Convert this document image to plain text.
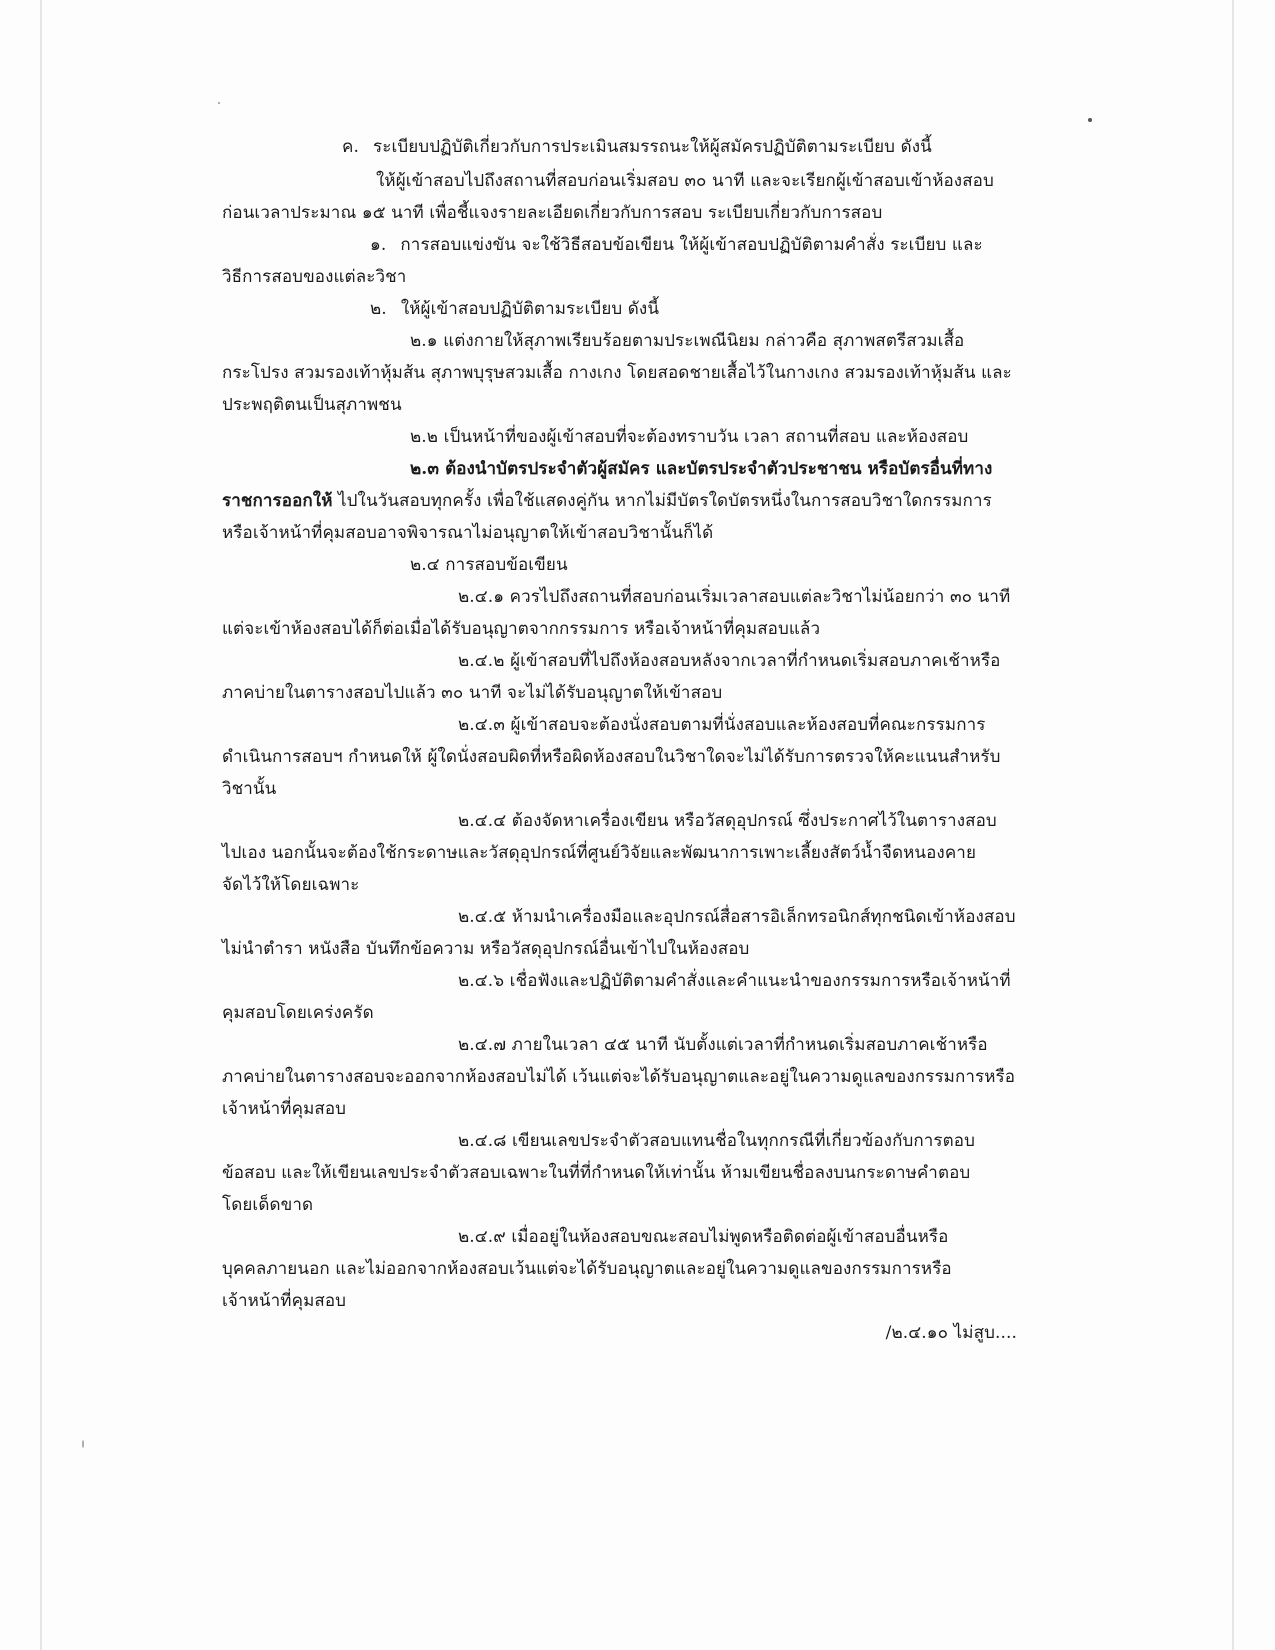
ค. ระเบียบปฏิบัติเกี่ยวกับการประเมินสมรรถนะให้ผู้สมัครปฏิบัติตามระเบียบ ดังนี้
ให้ผู้เข้าสอบไปถึงสถานที่สอบก่อนเริ่มสอบ ๓๐ นาที และจะเรียกผู้เข้าสอบเข้าห้องสอบ
ก่อนเวลาประมาณ ๑๕ นาที เพื่อชี้แจงรายละเอียดเกี่ยวกับการสอบ ระเบียบเกี่ยวกับการสอบ
๑. การสอบแข่งขัน จะใช้วิธีสอบข้อเขียน ให้ผู้เข้าสอบปฏิบัติตามคำสั่ง ระเบียบ และ
วิธีการสอบของแต่ละวิชา
๒. ให้ผู้เข้าสอบปฏิบัติตามระเบียบ ดังนี้
๒.๑ แต่งกายให้สุภาพเรียบร้อยตามประเพณีนิยม กล่าวคือ สุภาพสตรีสวมเสื้อ
กระโปรง สวมรองเท้าหุ้มส้น สุภาพบุรุษสวมเสื้อ กางเกง โดยสอดชายเสื้อไว้ในกางเกง สวมรองเท้าหุ้มส้น และ
ประพฤติตนเป็นสุภาพชน
๒.๒ เป็นหน้าที่ของผู้เข้าสอบที่จะต้องทราบวัน เวลา สถานที่สอบ และห้องสอบ
๒.๓ ต้องนำบัตรประจำตัวผู้สมัคร และบัตรประจำตัวประชาชน หรือบัตรอื่นที่ทาง
ราชการออกให้ ไปในวันสอบทุกครั้ง เพื่อใช้แสดงคู่กัน หากไม่มีบัตรใดบัตรหนึ่งในการสอบวิชาใดกรรมการ
หรือเจ้าหน้าที่คุมสอบอาจพิจารณาไม่อนุญาตให้เข้าสอบวิชานั้นก็ได้
๒.๔ การสอบข้อเขียน
๒.๔.๑ ควรไปถึงสถานที่สอบก่อนเริ่มเวลาสอบแต่ละวิชาไม่น้อยกว่า ๓๐ นาที
แต่จะเข้าห้องสอบได้ก็ต่อเมื่อได้รับอนุญาตจากกรรมการ หรือเจ้าหน้าที่คุมสอบแล้ว
๒.๔.๒ ผู้เข้าสอบที่ไปถึงห้องสอบหลังจากเวลาที่กำหนดเริ่มสอบภาคเช้าหรือ
ภาคบ่ายในตารางสอบไปแล้ว ๓๐ นาที จะไม่ได้รับอนุญาตให้เข้าสอบ
๒.๔.๓ ผู้เข้าสอบจะต้องนั่งสอบตามที่นั่งสอบและห้องสอบที่คณะกรรมการ
ดำเนินการสอบฯ กำหนดให้ ผู้ใดนั่งสอบผิดที่หรือผิดห้องสอบในวิชาใดจะไม่ได้รับการตรวจให้คะแนนสำหรับ
วิชานั้น
๒.๔.๔ ต้องจัดหาเครื่องเขียน หรือวัสดุอุปกรณ์ ซึ่งประกาศไว้ในตารางสอบ
ไปเอง นอกนั้นจะต้องใช้กระดาษและวัสดุอุปกรณ์ที่ศูนย์วิจัยและพัฒนาการเพาะเลี้ยงสัตว์น้ำจืดหนองคาย
จัดไว้ให้โดยเฉพาะ
๒.๔.๕ ห้ามนำเครื่องมือและอุปกรณ์สื่อสารอิเล็กทรอนิกส์ทุกชนิดเข้าห้องสอบ
ไม่นำตำรา หนังสือ บันทึกข้อความ หรือวัสดุอุปกรณ์อื่นเข้าไปในห้องสอบ
๒.๔.๖ เชื่อฟังและปฏิบัติตามคำสั่งและคำแนะนำของกรรมการหรือเจ้าหน้าที่
คุมสอบโดยเคร่งครัด
๒.๔.๗ ภายในเวลา ๔๕ นาที นับตั้งแต่เวลาที่กำหนดเริ่มสอบภาคเช้าหรือ
ภาคบ่ายในตารางสอบจะออกจากห้องสอบไม่ได้ เว้นแต่จะได้รับอนุญาตและอยู่ในความดูแลของกรรมการหรือ
เจ้าหน้าที่คุมสอบ
๒.๔.๘ เขียนเลขประจำตัวสอบแทนชื่อในทุกกรณีที่เกี่ยวข้องกับการตอบ
ข้อสอบ และให้เขียนเลขประจำตัวสอบเฉพาะในที่ที่กำหนดให้เท่านั้น ห้ามเขียนชื่อลงบนกระดาษคำตอบ
โดยเด็ดขาด
๒.๔.๙ เมื่ออยู่ในห้องสอบขณะสอบไม่พูดหรือติดต่อผู้เข้าสอบอื่นหรือ
บุคคลภายนอก และไม่ออกจากห้องสอบเว้นแต่จะได้รับอนุญาตและอยู่ในความดูแลของกรรมการหรือ
เจ้าหน้าที่คุมสอบ
/๒.๔.๑๐ ไม่สูบ....
